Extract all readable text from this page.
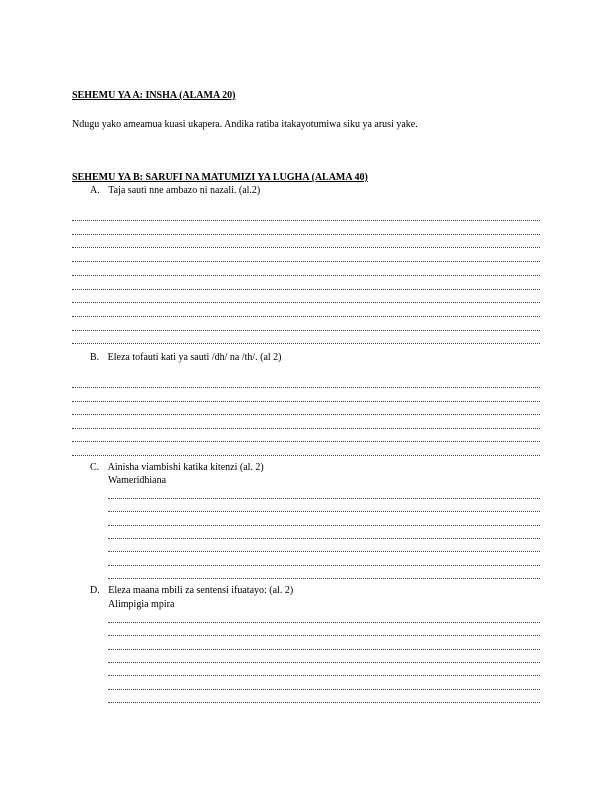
SEHEMU YA A: INSHA (ALAMA 20)
Ndugu yako ameamua kuasi ukapera. Andika ratiba itakayotumiwa siku ya arusi yake.
SEHEMU YA B: SARUFI NA MATUMIZI YA LUGHA (ALAMA 40)
A. Taja sauti nne ambazo ni nazali. (al.2)
B. Eleza tofauti kati ya sauti /dh/ na /th/. (al 2)
C. Ainisha viambishi katika kitenzi (al. 2)
Wameridhiana
D. Eleza maana mbili za sentensi ifuatayo: (al. 2)
Alimpigia mpira
